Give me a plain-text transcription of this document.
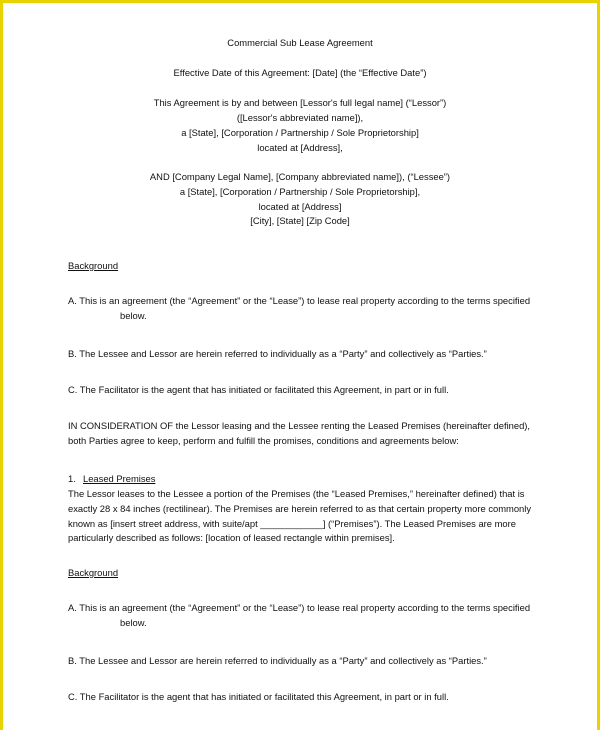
Commercial Sub Lease Agreement
Effective Date of this Agreement: [Date] (the “Effective Date”)
This Agreement is by and between [Lessor's full legal name] (“Lessor”)
([Lessor's abbreviated name]),
a [State], [Corporation / Partnership / Sole Proprietorship]
located at [Address],
AND [Company Legal Name], [Company abbreviated name]), (“Lessee”)
a [State], [Corporation / Partnership / Sole Proprietorship],
located at [Address]
[City], [State] [Zip Code]
Background
A. This is an agreement (the “Agreement” or the “Lease”) to lease real property according to the terms specified
below.
B. The Lessee and Lessor are herein referred to individually as a “Party” and collectively as “Parties.”
C. The Facilitator is the agent that has initiated or facilitated this Agreement, in part or in full.
IN CONSIDERATION OF the Lessor leasing and the Lessee renting the Leased Premises (hereinafter defined),
both Parties agree to keep, perform and fulfill the promises, conditions and agreements below:
1. Leased Premises
The Lessor leases to the Lessee a portion of the Premises (the “Leased Premises,” hereinafter defined) that is
exactly 28 x 84 inches (rectilinear). The Premises are herein referred to as that certain property more commonly
known as [insert street address, with suite/apt ____________] (“Premises”). The Leased Premises are more
particularly described as follows: [location of leased rectangle within premises].
Background
A. This is an agreement (the “Agreement” or the “Lease”) to lease real property according to the terms specified
below.
B. The Lessee and Lessor are herein referred to individually as a “Party” and collectively as “Parties.”
C. The Facilitator is the agent that has initiated or facilitated this Agreement, in part or in full.
